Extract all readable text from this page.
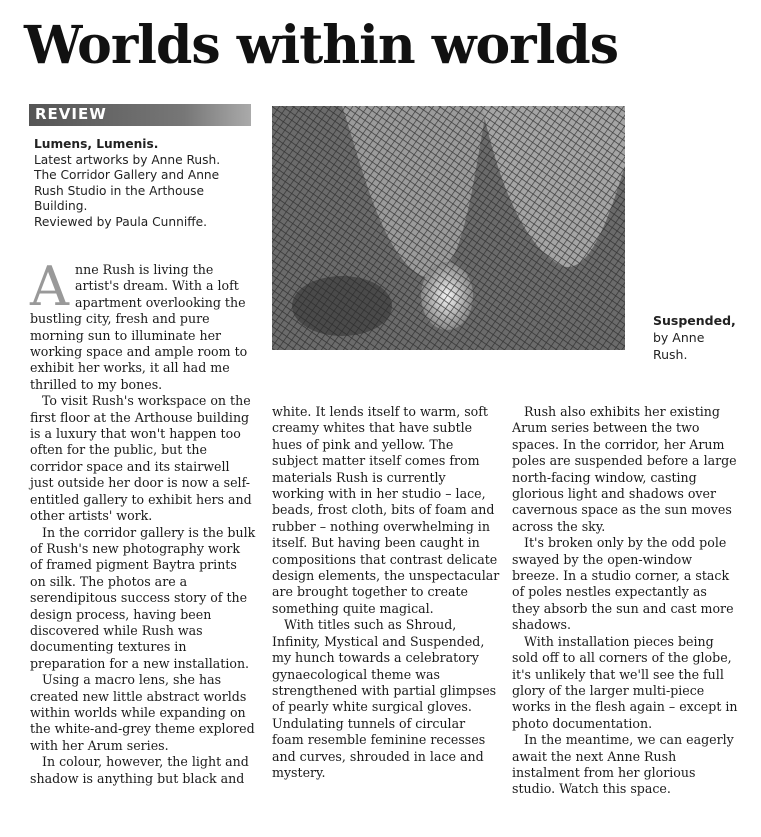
Worlds within worlds
REVIEW
Lumens, Lumenis.
Latest artworks by Anne Rush.
The Corridor Gallery and Anne
Rush Studio in the Arthouse
Building.
Reviewed by Paula Cunniffe.
Suspended,
by Anne
Rush.

Anne Rush is living the artist's dream. With a loft apartment overlooking the bustling city, fresh and pure morning sun to illuminate her working space and ample room to exhibit her works, it all had me thrilled to my bones.

To visit Rush's workspace on the first floor at the Arthouse building is a luxury that won't happen too often for the public, but the corridor space and its stairwell just outside her door is now a self-entitled gallery to exhibit hers and other artists' work.

In the corridor gallery is the bulk of Rush's new photography work of framed pigment Baytra prints on silk. The photos are a serendipitous success story of the design process, having been discovered while Rush was documenting textures in preparation for a new installation.

Using a macro lens, she has created new little abstract worlds within worlds while expanding on the white-and-grey theme explored with her Arum series.

In colour, however, the light and shadow is anything but black and

white. It lends itself to warm, soft creamy whites that have subtle hues of pink and yellow. The subject matter itself comes from materials Rush is currently working with in her studio – lace, beads, frost cloth, bits of foam and rubber – nothing overwhelming in itself. But having been caught in compositions that contrast delicate design elements, the unspectacular are brought together to create something quite magical.

With titles such as Shroud, Infinity, Mystical and Suspended, my hunch towards a celebratory gynaecological theme was strengthened with partial glimpses of pearly white surgical gloves. Undulating tunnels of circular foam resemble feminine recesses and curves, shrouded in lace and mystery.

Rush also exhibits her existing Arum series between the two spaces. In the corridor, her Arum poles are suspended before a large north-facing window, casting glorious light and shadows over cavernous space as the sun moves across the sky.

It's broken only by the odd pole swayed by the open-window breeze. In a studio corner, a stack of poles nestles expectantly as they absorb the sun and cast more shadows.

With installation pieces being sold off to all corners of the globe, it's unlikely that we'll see the full glory of the larger multi-piece works in the flesh again – except in photo documentation.

In the meantime, we can eagerly await the next Anne Rush instalment from her glorious studio. Watch this space.
